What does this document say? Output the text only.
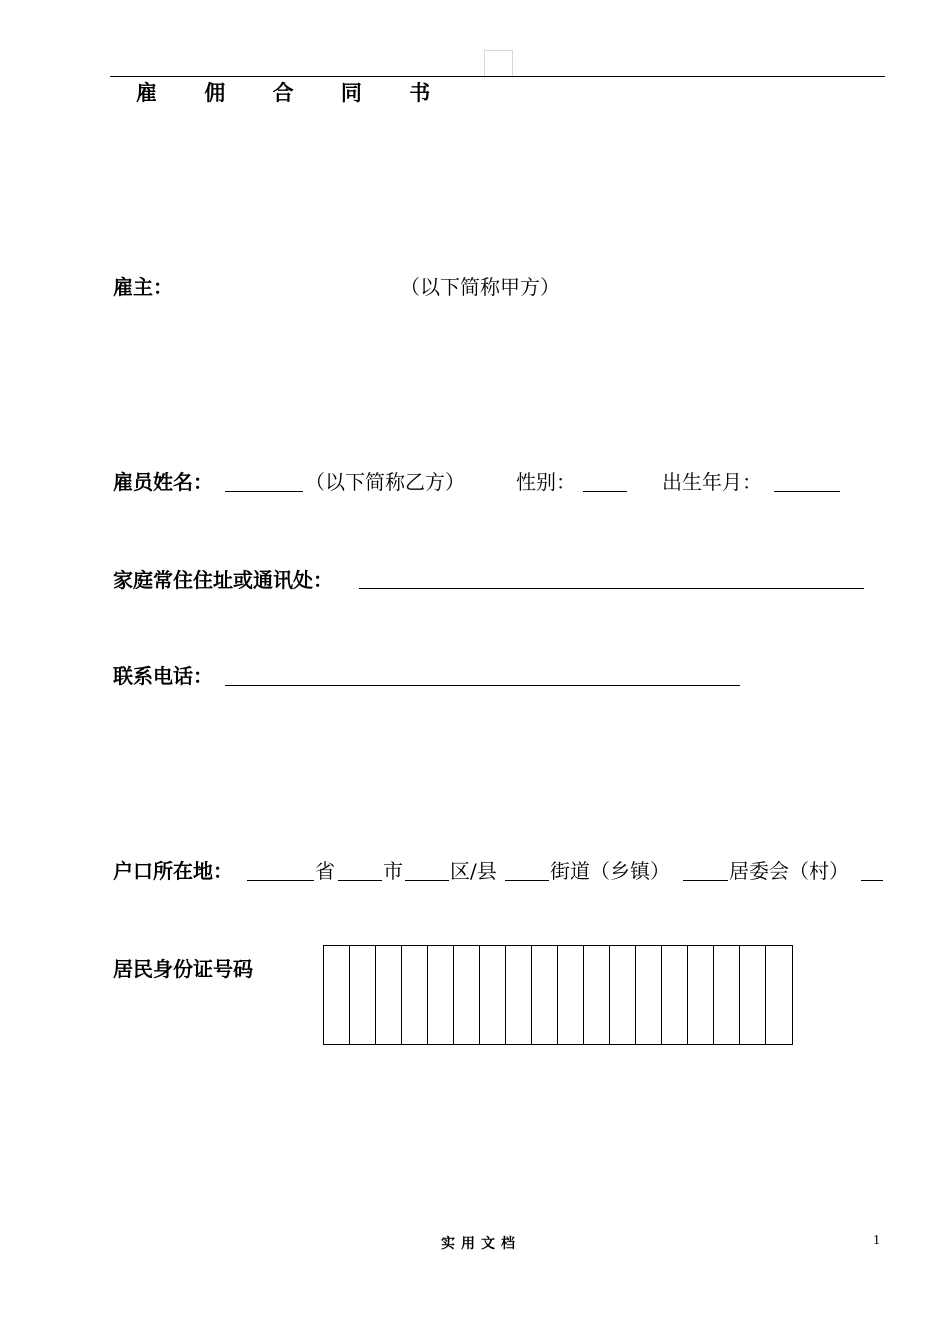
雇 佣 合 同 书
雇主：	（以下简称甲方）
雇员姓名：	（以下简称乙方）	性别：	出生年月：
家庭常住住址或通讯处：
联系电话：
户口所在地：	省 市 区/县	街道（乡镇）	居委会（村）
居民身份证号码
实用文档	1
